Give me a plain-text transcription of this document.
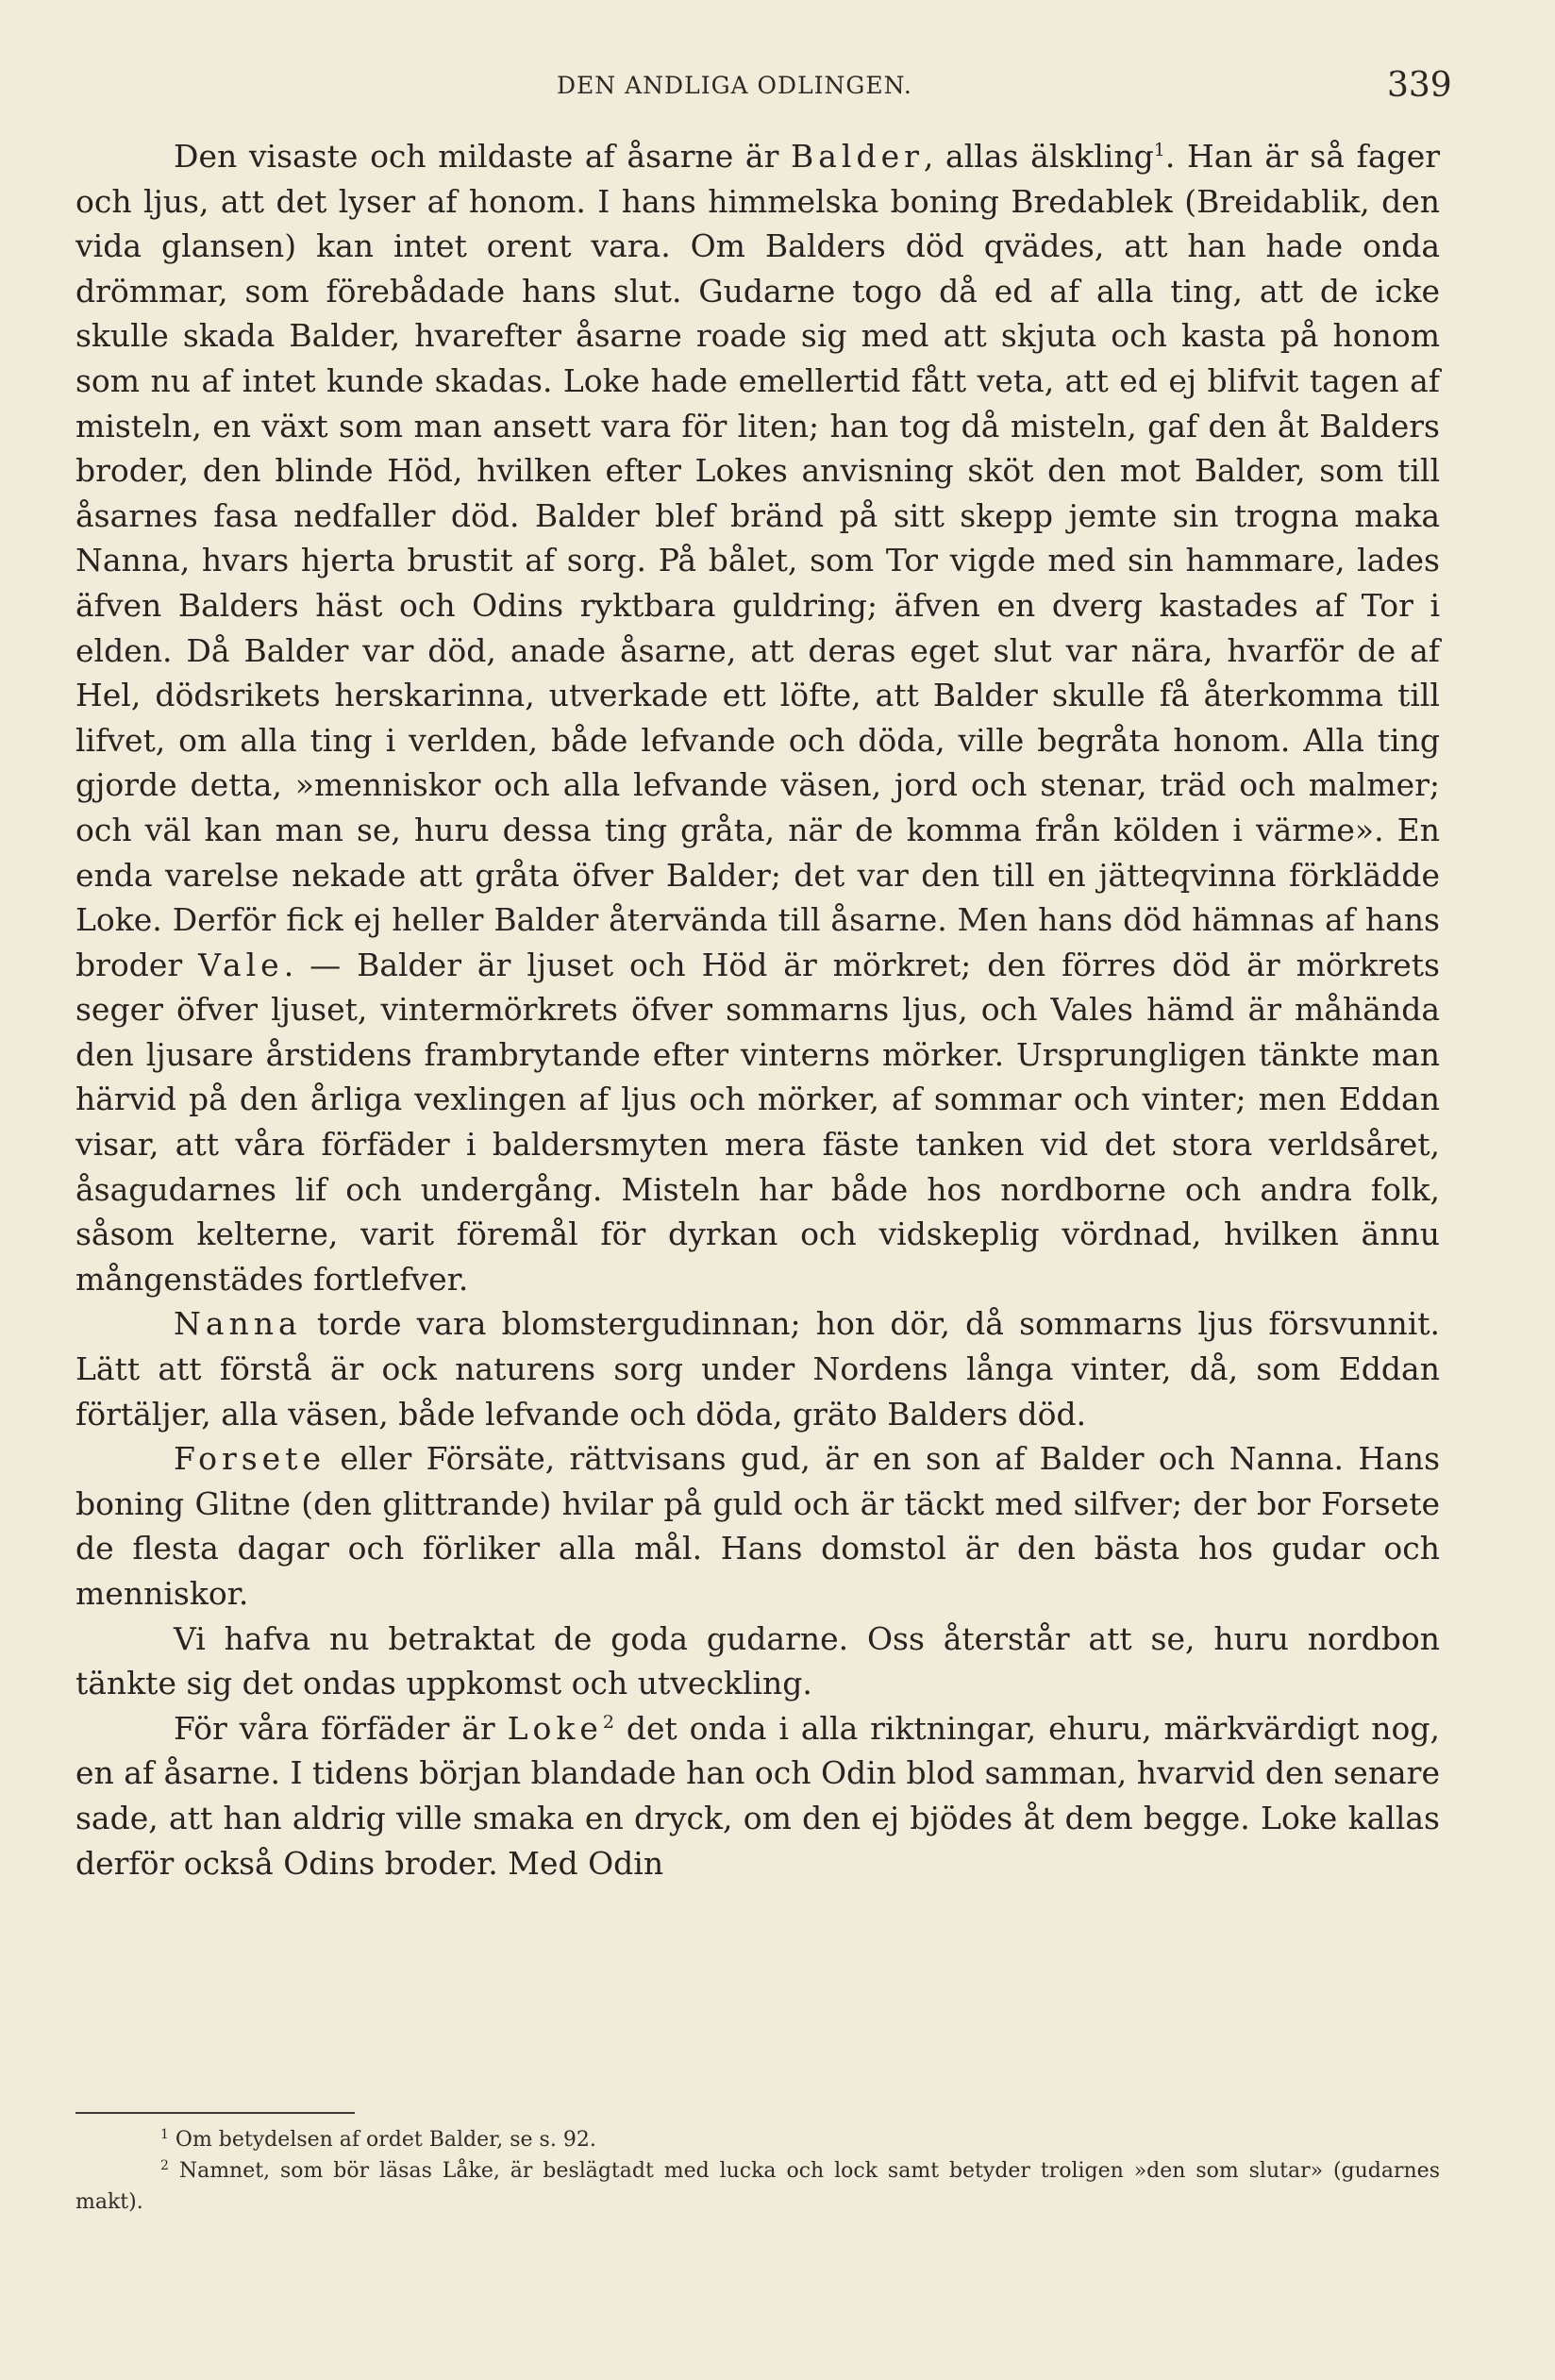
DEN ANDLIGA ODLINGEN.	339

Den visaste och mildaste af åsarne är Balder, allas älskling$^1$. Han är så fager och ljus, att det lyser af honom. I hans himmelska boning Bredablek (Breidablik, den vida glansen) kan intet orent vara. Om Balders död qvädes, att han hade onda drömmar, som förebådade hans slut. Gudarne togo då ed af alla ting, att de icke skulle skada Balder, hvarefter åsarne roade sig med att skjuta och kasta på honom som nu af intet kunde skadas. Loke hade emellertid fått veta, att ed ej blifvit tagen af misteln, en växt som man ansett vara för liten; han tog då misteln, gaf den åt Balders broder, den blinde Höd, hvilken efter Lokes anvisning sköt den mot Balder, som till åsarnes fasa nedfaller död. Balder blef bränd på sitt skepp jemte sin trogna maka Nanna, hvars hjerta brustit af sorg. På bålet, som Tor vigde med sin hammare, lades äfven Balders häst och Odins ryktbara guldring; äfven en dverg kastades af Tor i elden. Då Balder var död, anade åsarne, att deras eget slut var nära, hvarför de af Hel, dödsrikets herskarinna, utverkade ett löfte, att Balder skulle få återkomma till lifvet, om alla ting i verlden, både lefvande och döda, ville begråta honom. Alla ting gjorde detta, »menniskor och alla lefvande väsen, jord och stenar, träd och malmer; och väl kan man se, huru dessa ting gråta, när de komma från kölden i värme». En enda varelse nekade att gråta öfver Balder; det var den till en jätteqvinna förklädde Loke. Derför fick ej heller Balder återvända till åsarne. Men hans död hämnas af hans broder Vale. — Balder är ljuset och Höd är mörkret; den förres död är mörkrets seger öfver ljuset, vintermörkrets öfver sommarns ljus, och Vales hämd är måhända den ljusare årstidens frambrytande efter vinterns mörker. Ursprungligen tänkte man härvid på den årliga vexlingen af ljus och mörker, af sommar och vinter; men Eddan visar, att våra förfäder i baldersmyten mera fäste tanken vid det stora verldsåret, åsagudarnes lif och undergång. Misteln har både hos nordborne och andra folk, såsom kelterne, varit föremål för dyrkan och vidskeplig vördnad, hvilken ännu mångenstädes fortlefver.

Nanna torde vara blomstergudinnan; hon dör, då sommarns ljus försvunnit. Lätt att förstå är ock naturens sorg under Nordens långa vinter, då, som Eddan förtäljer, alla väsen, både lefvande och döda, gräto Balders död.

Forsete eller Försäte, rättvisans gud, är en son af Balder och Nanna. Hans boning Glitne (den glittrande) hvilar på guld och är täckt med silfver; der bor Forsete de flesta dagar och förliker alla mål. Hans domstol är den bästa hos gudar och menniskor.

Vi hafva nu betraktat de goda gudarne. Oss återstår att se, huru nordbon tänkte sig det ondas uppkomst och utveckling.

För våra förfäder är Loke$^2$ det onda i alla riktningar, ehuru, märkvärdigt nog, en af åsarne. I tidens början blandade han och Odin blod samman, hvarvid den senare sade, att han aldrig ville smaka en dryck, om den ej bjödes åt dem begge. Loke kallas derför också Odins broder. Med Odin

$^1$ Om betydelsen af ordet Balder, se s. 92.

$^2$ Namnet, som bör läsas Låke, är beslägtadt med lucka och lock samt betyder troligen »den som slutar» (gudarnes makt).
